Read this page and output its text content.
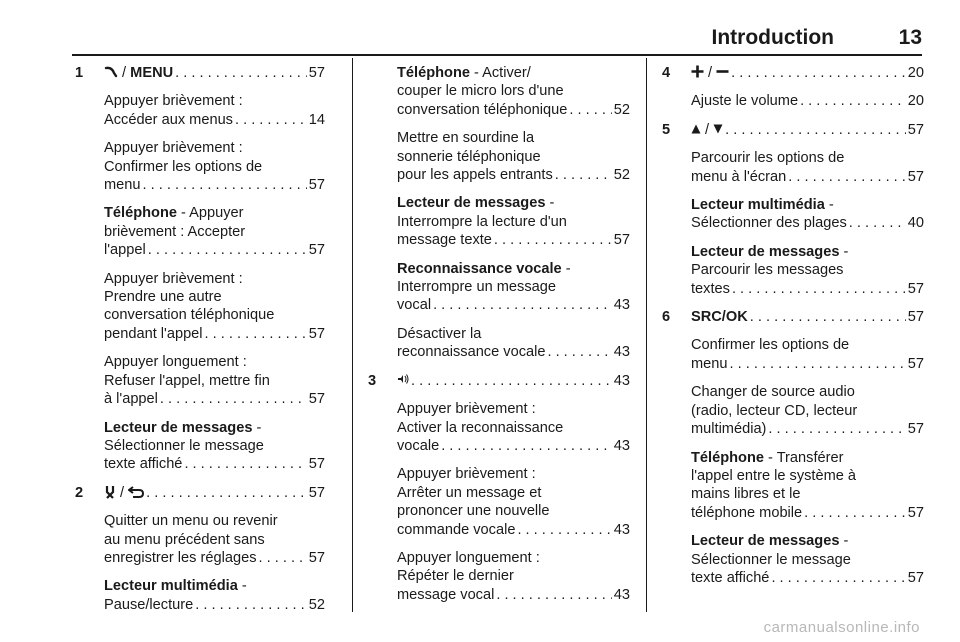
Introduction	13
1	/ MENU . . .	57
Appuyer brièvement :
Accéder aux menus . . .	14
Appuyer brièvement :
Confirmer les options de
menu . . .	57
Téléphone - Appuyer
brièvement : Accepter
l'appel . . .	57
Appuyer brièvement :
Prendre une autre
conversation téléphonique
pendant l'appel . . .	57
Appuyer longuement :
Refuser l'appel, mettre fin
à l'appel . . .	57
Lecteur de messages -
Sélectionner le message
texte affiché . . .	57
2	/ . . .	57
Quitter un menu ou revenir
au menu précédent sans
enregistrer les réglages . . .	57
Lecteur multimédia -
Pause/lecture . . .	52
Téléphone - Activer/
couper le micro lors d'une
conversation téléphonique . . .	52
Mettre en sourdine la
sonnerie téléphonique
pour les appels entrants . . .	52
Lecteur de messages -
Interrompre la lecture d'un
message texte . . .	57
Reconnaissance vocale -
Interrompre un message
vocal . . .	43
Désactiver la
reconnaissance vocale . . .	43
3 . . .	43
Appuyer brièvement :
Activer la reconnaissance
vocale . . .	43
Appuyer brièvement :
Arrêter un message et
prononcer une nouvelle
commande vocale . . .	43
Appuyer longuement :
Répéter le dernier
message vocal . . .	43
4	/ . . .	20
Ajuste le volume . . .	20
5	/ . . .	57
Parcourir les options de
menu à l'écran . . .	57
Lecteur multimédia -
Sélectionner des plages . . .	40
Lecteur de messages -
Parcourir les messages
textes . . .	57
6 SRC/OK . . .	57
Confirmer les options de
menu . . .	57
Changer de source audio
(radio, lecteur CD, lecteur
multimédia) . . .	57
Téléphone - Transférer
l'appel entre le système à
mains libres et le
téléphone mobile . . .	57
Lecteur de messages -
Sélectionner le message
texte affiché . . .	57
carmanualsonline.info
